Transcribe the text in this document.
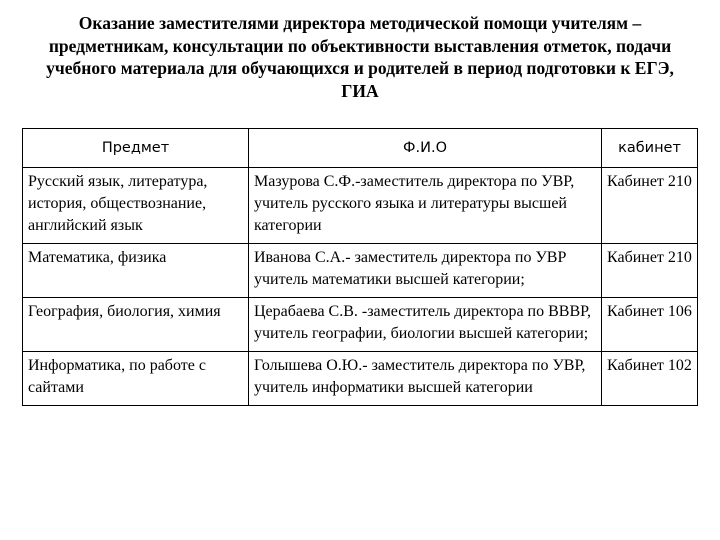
Оказание заместителями директора методической помощи учителям – предметникам, консультации по объективности выставления отметок, подачи учебного материала для обучающихся и родителей в период подготовки к ЕГЭ, ГИА
Предмет	Ф.И.О	кабинет
Русский язык, литература, история, обществознание, английский язык	Мазурова С.Ф.-заместитель директора по УВР, учитель русского языка и литературы высшей категории	Кабинет 210
Математика, физика	Иванова С.А.- заместитель директора по УВР учитель математики высшей категории;	Кабинет 210
География, биология, химия	Церабаева С.В. -заместитель директора по ВВВР, учитель географии, биологии высшей категории;	Кабинет 106
Информатика, по работе с сайтами	Голышева О.Ю.- заместитель директора по УВР, учитель информатики высшей категории	Кабинет 102
